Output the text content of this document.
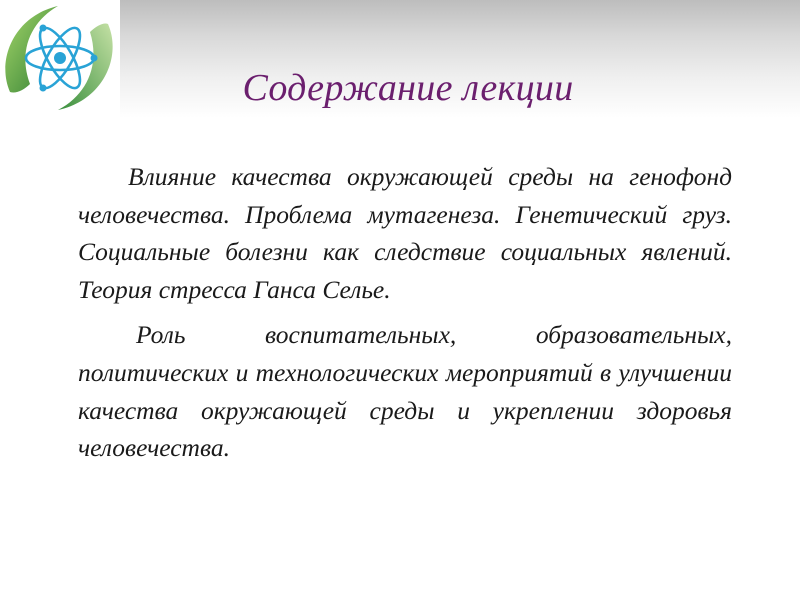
Содержание лекции

Влияние качества окружающей среды на генофонд человечества. Проблема мутагенеза. Генетический груз. Социальные болезни как следствие социальных явлений. Теория стресса Ганса Селье.

Роль воспитательных, образовательных, политических и технологических мероприятий в улучшении качества окружающей среды и укреплении здоровья человечества.
